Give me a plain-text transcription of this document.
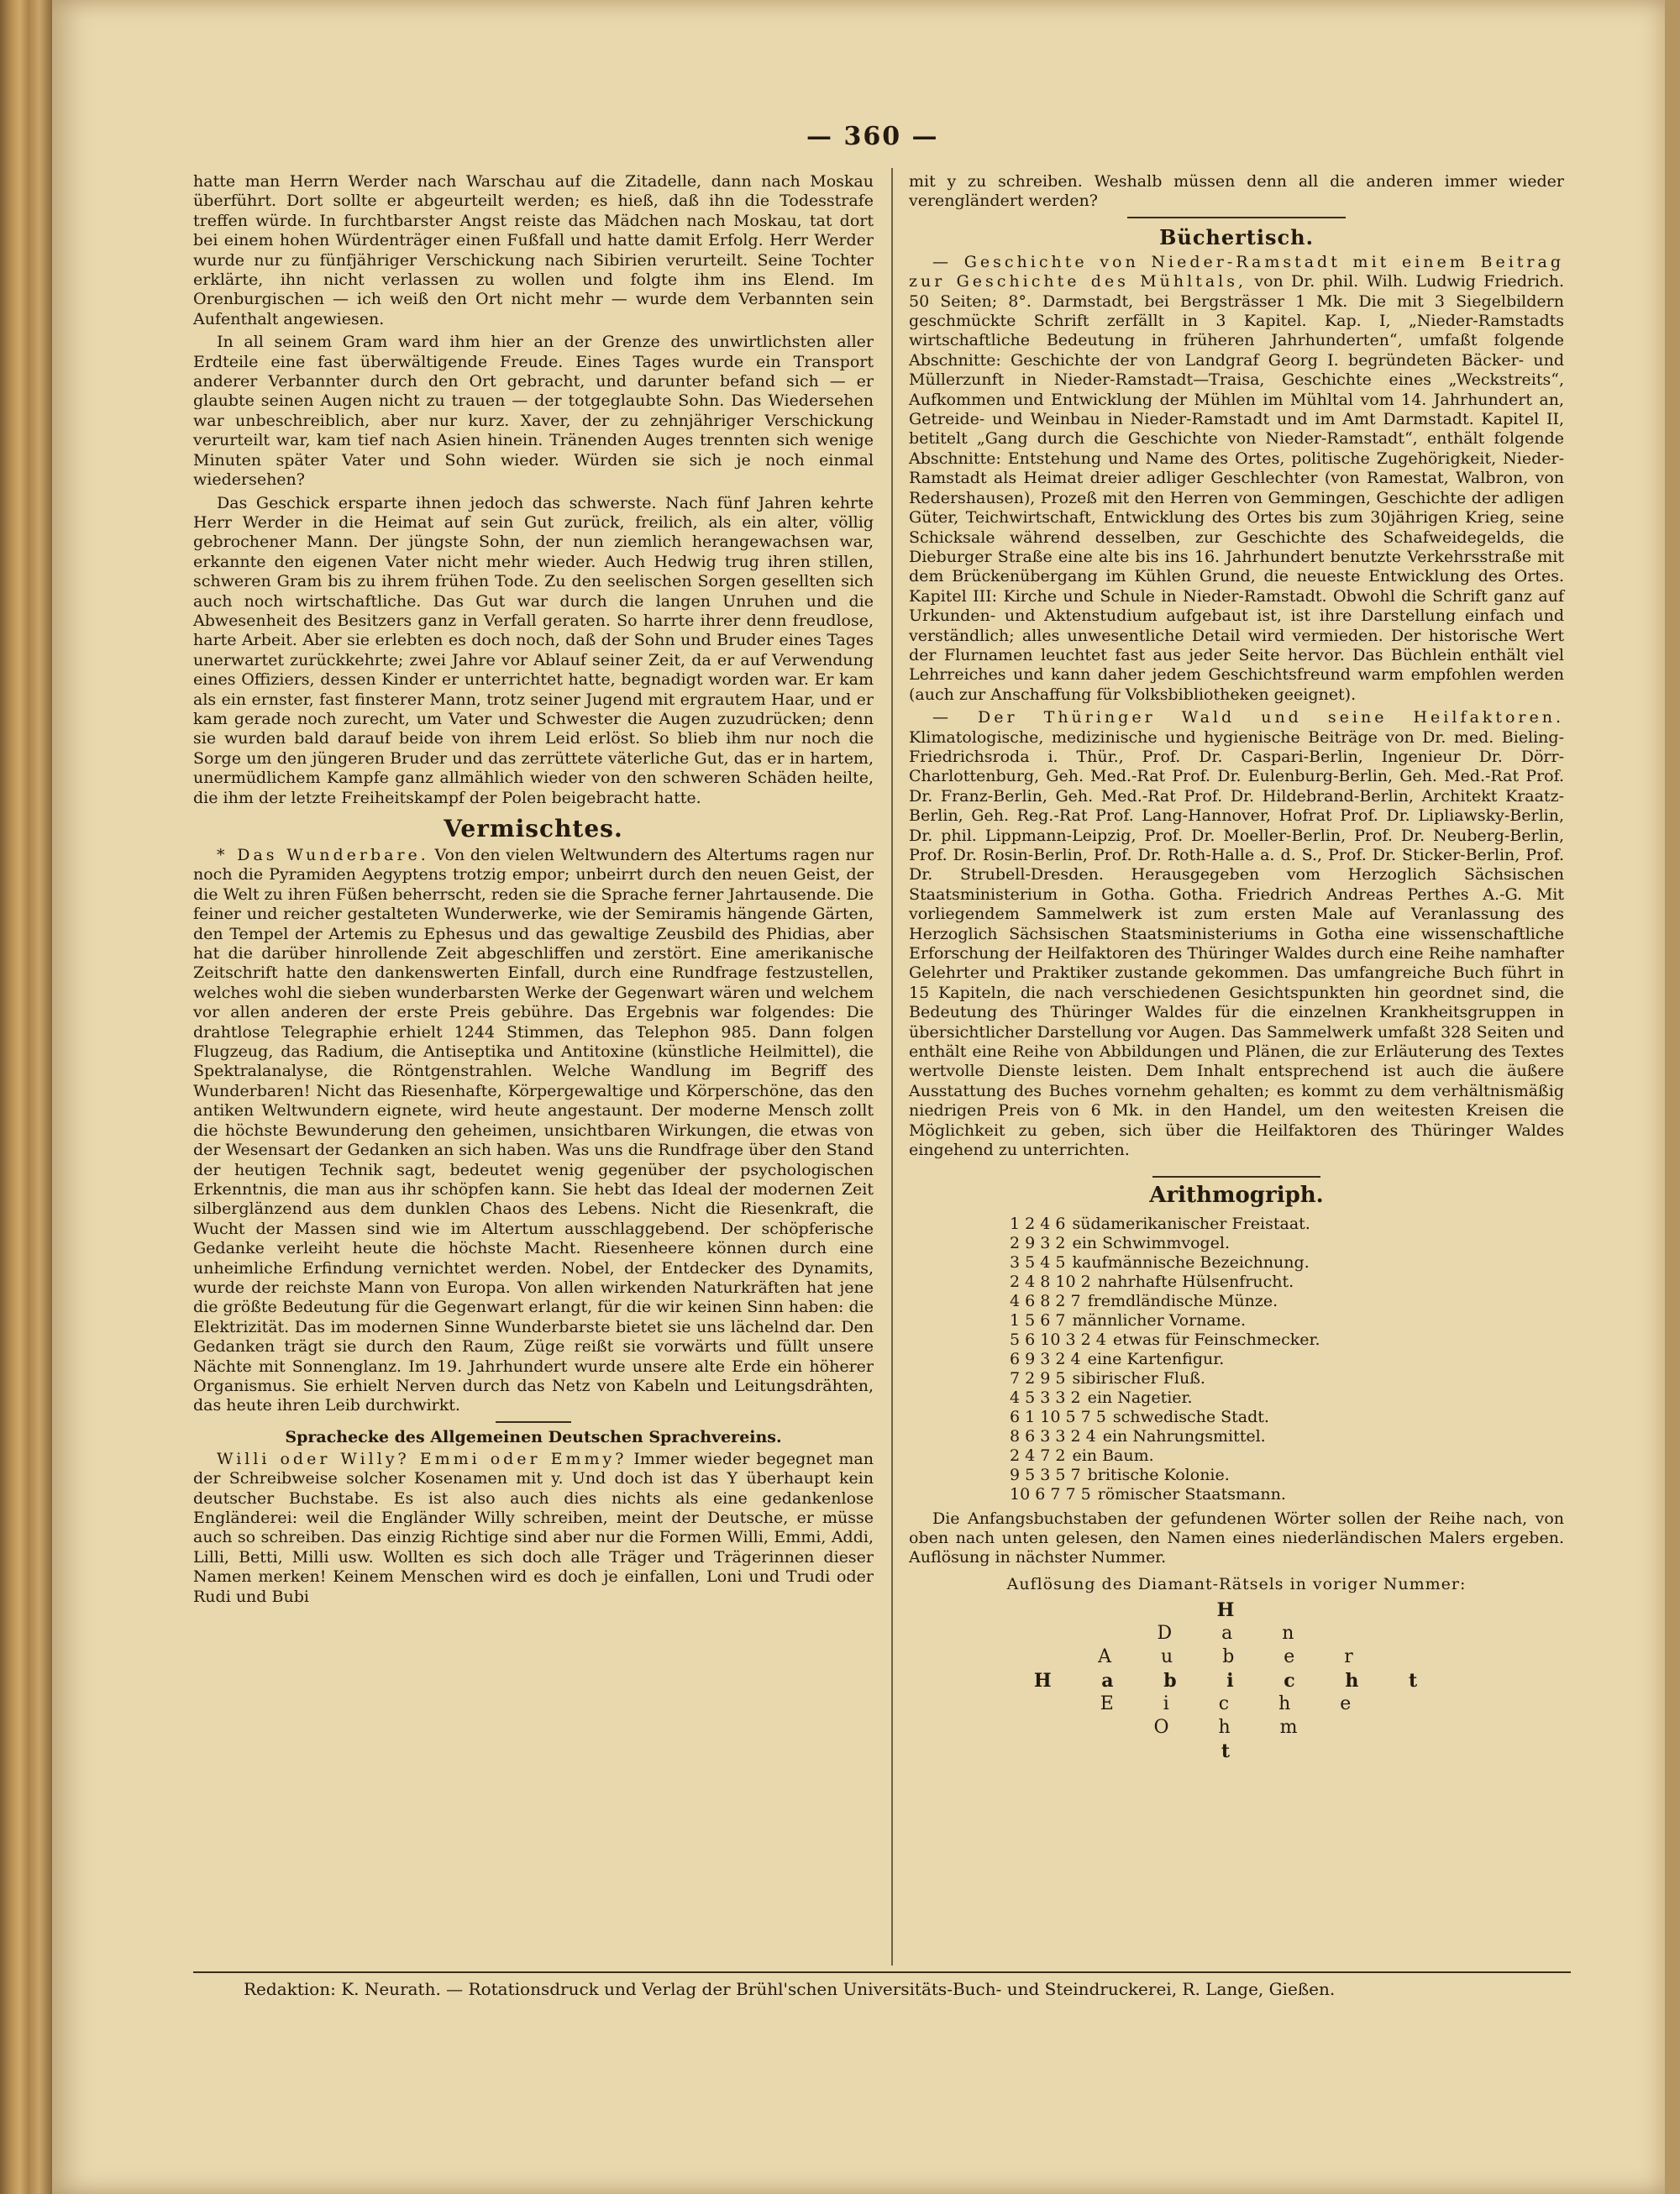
— 360 —

hatte man Herrn Werder nach Warschau auf die Zitadelle, dann nach Moskau überführt. Dort sollte er abgeurteilt werden; es hieß, daß ihn die Todesstrafe treffen würde. In furchtbarster Angst reiste das Mädchen nach Moskau, tat dort bei einem hohen Würdenträger einen Fußfall und hatte damit Erfolg. Herr Werder wurde nur zu fünfjähriger Verschickung nach Sibirien verurteilt. Seine Tochter erklärte, ihn nicht verlassen zu wollen und folgte ihm ins Elend. Im Orenburgischen — ich weiß den Ort nicht mehr — wurde dem Verbannten sein Aufenthalt angewiesen.

In all seinem Gram ward ihm hier an der Grenze des unwirtlichsten aller Erdteile eine fast überwältigende Freude. Eines Tages wurde ein Transport anderer Verbannter durch den Ort gebracht, und darunter befand sich — er glaubte seinen Augen nicht zu trauen — der totgeglaubte Sohn. Das Wiedersehen war unbeschreiblich, aber nur kurz. Xaver, der zu zehnjähriger Verschickung verurteilt war, kam tief nach Asien hinein. Tränenden Auges trennten sich wenige Minuten später Vater und Sohn wieder. Würden sie sich je noch einmal wiedersehen?

Das Geschick ersparte ihnen jedoch das schwerste. Nach fünf Jahren kehrte Herr Werder in die Heimat auf sein Gut zurück, freilich, als ein alter, völlig gebrochener Mann. Der jüngste Sohn, der nun ziemlich herangewachsen war, erkannte den eigenen Vater nicht mehr wieder. Auch Hedwig trug ihren stillen, schweren Gram bis zu ihrem frühen Tode. Zu den seelischen Sorgen gesellten sich auch noch wirtschaftliche. Das Gut war durch die langen Unruhen und die Abwesenheit des Besitzers ganz in Verfall geraten. So harrte ihrer denn freudlose, harte Arbeit. Aber sie erlebten es doch noch, daß der Sohn und Bruder eines Tages unerwartet zurückkehrte; zwei Jahre vor Ablauf seiner Zeit, da er auf Verwendung eines Offiziers, dessen Kinder er unterrichtet hatte, begnadigt worden war. Er kam als ein ernster, fast finsterer Mann, trotz seiner Jugend mit ergrautem Haar, und er kam gerade noch zurecht, um Vater und Schwester die Augen zuzudrücken; denn sie wurden bald darauf beide von ihrem Leid erlöst. So blieb ihm nur noch die Sorge um den jüngeren Bruder und das zerrüttete väterliche Gut, das er in hartem, unermüdlichem Kampfe ganz allmählich wieder von den schweren Schäden heilte, die ihm der letzte Freiheitskampf der Polen beigebracht hatte.

Vermischtes.

* Das Wunderbare. Von den vielen Weltwundern des Altertums ragen nur noch die Pyramiden Aegyptens trotzig empor; unbeirrt durch den neuen Geist, der die Welt zu ihren Füßen beherrscht, reden sie die Sprache ferner Jahrtausende. Die feiner und reicher gestalteten Wunderwerke, wie der Semiramis hängende Gärten, den Tempel der Artemis zu Ephesus und das gewaltige Zeusbild des Phidias, aber hat die darüber hinrollende Zeit abgeschliffen und zerstört. Eine amerikanische Zeitschrift hatte den dankenswerten Einfall, durch eine Rundfrage festzustellen, welches wohl die sieben wunderbarsten Werke der Gegenwart wären und welchem vor allen anderen der erste Preis gebühre. Das Ergebnis war folgendes: Die drahtlose Telegraphie erhielt 1244 Stimmen, das Telephon 985. Dann folgen Flugzeug, das Radium, die Antiseptika und Antitoxine (künstliche Heilmittel), die Spektralanalyse, die Röntgenstrahlen. Welche Wandlung im Begriff des Wunderbaren! Nicht das Riesenhafte, Körpergewaltige und Körperschöne, das den antiken Weltwundern eignete, wird heute angestaunt. Der moderne Mensch zollt die höchste Bewunderung den geheimen, unsichtbaren Wirkungen, die etwas von der Wesensart der Gedanken an sich haben. Was uns die Rundfrage über den Stand der heutigen Technik sagt, bedeutet wenig gegenüber der psychologischen Erkenntnis, die man aus ihr schöpfen kann. Sie hebt das Ideal der modernen Zeit silberglänzend aus dem dunklen Chaos des Lebens. Nicht die Riesenkraft, die Wucht der Massen sind wie im Altertum ausschlaggebend. Der schöpferische Gedanke verleiht heute die höchste Macht. Riesenheere können durch eine unheimliche Erfindung vernichtet werden. Nobel, der Entdecker des Dynamits, wurde der reichste Mann von Europa. Von allen wirkenden Naturkräften hat jene die größte Bedeutung für die Gegenwart erlangt, für die wir keinen Sinn haben: die Elektrizität. Das im modernen Sinne Wunderbarste bietet sie uns lächelnd dar. Den Gedanken trägt sie durch den Raum, Züge reißt sie vorwärts und füllt unsere Nächte mit Sonnenglanz. Im 19. Jahrhundert wurde unsere alte Erde ein höherer Organismus. Sie erhielt Nerven durch das Netz von Kabeln und Leitungsdrähten, das heute ihren Leib durchwirkt.

Sprachecke des Allgemeinen Deutschen Sprachvereins.

Willi oder Willy? Emmi oder Emmy? Immer wieder begegnet man der Schreibweise solcher Kosenamen mit y. Und doch ist das Y überhaupt kein deutscher Buchstabe. Es ist also auch dies nichts als eine gedankenlose Engländerei: weil die Engländer Willy schreiben, meint der Deutsche, er müsse auch so schreiben. Das einzig Richtige sind aber nur die Formen Willi, Emmi, Addi, Lilli, Betti, Milli usw. Wollten es sich doch alle Träger und Trägerinnen dieser Namen merken! Keinem Menschen wird es doch je einfallen, Loni und Trudi oder Rudi und Bubi

mit y zu schreiben. Weshalb müssen denn all die anderen immer wieder verengländert werden?

Büchertisch.

— Geschichte von Nieder-Ramstadt mit einem Beitrag zur Geschichte des Mühltals, von Dr. phil. Wilh. Ludwig Friedrich. 50 Seiten; 8°. Darmstadt, bei Bergsträsser 1 Mk. Die mit 3 Siegelbildern geschmückte Schrift zerfällt in 3 Kapitel. Kap. I, „Nieder-Ramstadts wirtschaftliche Bedeutung in früheren Jahrhunderten“, umfaßt folgende Abschnitte: Geschichte der von Landgraf Georg I. begründeten Bäcker- und Müllerzunft in Nieder-Ramstadt—Traisa, Geschichte eines „Weckstreits“, Aufkommen und Entwicklung der Mühlen im Mühltal vom 14. Jahrhundert an, Getreide- und Weinbau in Nieder-Ramstadt und im Amt Darmstadt. Kapitel II, betitelt „Gang durch die Geschichte von Nieder-Ramstadt“, enthält folgende Abschnitte: Entstehung und Name des Ortes, politische Zugehörigkeit, Nieder-Ramstadt als Heimat dreier adliger Geschlechter (von Ramestat, Walbron, von Redershausen), Prozeß mit den Herren von Gemmingen, Geschichte der adligen Güter, Teichwirtschaft, Entwicklung des Ortes bis zum 30jährigen Krieg, seine Schicksale während desselben, zur Geschichte des Schafweidegelds, die Dieburger Straße eine alte bis ins 16. Jahrhundert benutzte Verkehrsstraße mit dem Brückenübergang im Kühlen Grund, die neueste Entwicklung des Ortes. Kapitel III: Kirche und Schule in Nieder-Ramstadt. Obwohl die Schrift ganz auf Urkunden- und Aktenstudium aufgebaut ist, ist ihre Darstellung einfach und verständlich; alles unwesentliche Detail wird vermieden. Der historische Wert der Flurnamen leuchtet fast aus jeder Seite hervor. Das Büchlein enthält viel Lehrreiches und kann daher jedem Geschichtsfreund warm empfohlen werden (auch zur Anschaffung für Volksbibliotheken geeignet).

— Der Thüringer Wald und seine Heilfaktoren. Klimatologische, medizinische und hygienische Beiträge von Dr. med. Bieling-Friedrichsroda i. Thür., Prof. Dr. Caspari-Berlin, Ingenieur Dr. Dörr-Charlottenburg, Geh. Med.-Rat Prof. Dr. Eulenburg-Berlin, Geh. Med.-Rat Prof. Dr. Franz-Berlin, Geh. Med.-Rat Prof. Dr. Hildebrand-Berlin, Architekt Kraatz-Berlin, Geh. Reg.-Rat Prof. Lang-Hannover, Hofrat Prof. Dr. Lipliawsky-Berlin, Dr. phil. Lippmann-Leipzig, Prof. Dr. Moeller-Berlin, Prof. Dr. Neuberg-Berlin, Prof. Dr. Rosin-Berlin, Prof. Dr. Roth-Halle a. d. S., Prof. Dr. Sticker-Berlin, Prof. Dr. Strubell-Dresden. Herausgegeben vom Herzoglich Sächsischen Staatsministerium in Gotha. Gotha. Friedrich Andreas Perthes A.-G. Mit vorliegendem Sammelwerk ist zum ersten Male auf Veranlassung des Herzoglich Sächsischen Staatsministeriums in Gotha eine wissenschaftliche Erforschung der Heilfaktoren des Thüringer Waldes durch eine Reihe namhafter Gelehrter und Praktiker zustande gekommen. Das umfangreiche Buch führt in 15 Kapiteln, die nach verschiedenen Gesichtspunkten hin geordnet sind, die Bedeutung des Thüringer Waldes für die einzelnen Krankheitsgruppen in übersichtlicher Darstellung vor Augen. Das Sammelwerk umfaßt 328 Seiten und enthält eine Reihe von Abbildungen und Plänen, die zur Erläuterung des Textes wertvolle Dienste leisten. Dem Inhalt entsprechend ist auch die äußere Ausstattung des Buches vornehm gehalten; es kommt zu dem verhältnismäßig niedrigen Preis von 6 Mk. in den Handel, um den weitesten Kreisen die Möglichkeit zu geben, sich über die Heilfaktoren des Thüringer Waldes eingehend zu unterrichten.

Arithmogriph.
1 2 4 6 südamerikanischer Freistaat.
2 9 3 2 ein Schwimmvogel.
3 5 4 5 kaufmännische Bezeichnung.
2 4 8 10 2 nahrhafte Hülsenfrucht.
4 6 8 2 7 fremdländische Münze.
1 5 6 7 männlicher Vorname.
5 6 10 3 2 4 etwas für Feinschmecker.
6 9 3 2 4 eine Kartenfigur.
7 2 9 5 sibirischer Fluß.
4 5 3 3 2 ein Nagetier.
6 1 10 5 7 5 schwedische Stadt.
8 6 3 3 2 4 ein Nahrungsmittel.
2 4 7 2 ein Baum.
9 5 3 5 7 britische Kolonie.
10 6 7 7 5 römischer Staatsmann.

Die Anfangsbuchstaben der gefundenen Wörter sollen der Reihe nach, von oben nach unten gelesen, den Namen eines niederländischen Malers ergeben. Auflösung in nächster Nummer.

Auflösung des Diamant-Rätsels in voriger Nummer:
H
D a n
A u b e r
H a b i c h t
E i c h e
O h m
t
Redaktion: K. Neurath. — Rotationsdruck und Verlag der Brühl'schen Universitäts-Buch- und Steindruckerei, R. Lange, Gießen.
